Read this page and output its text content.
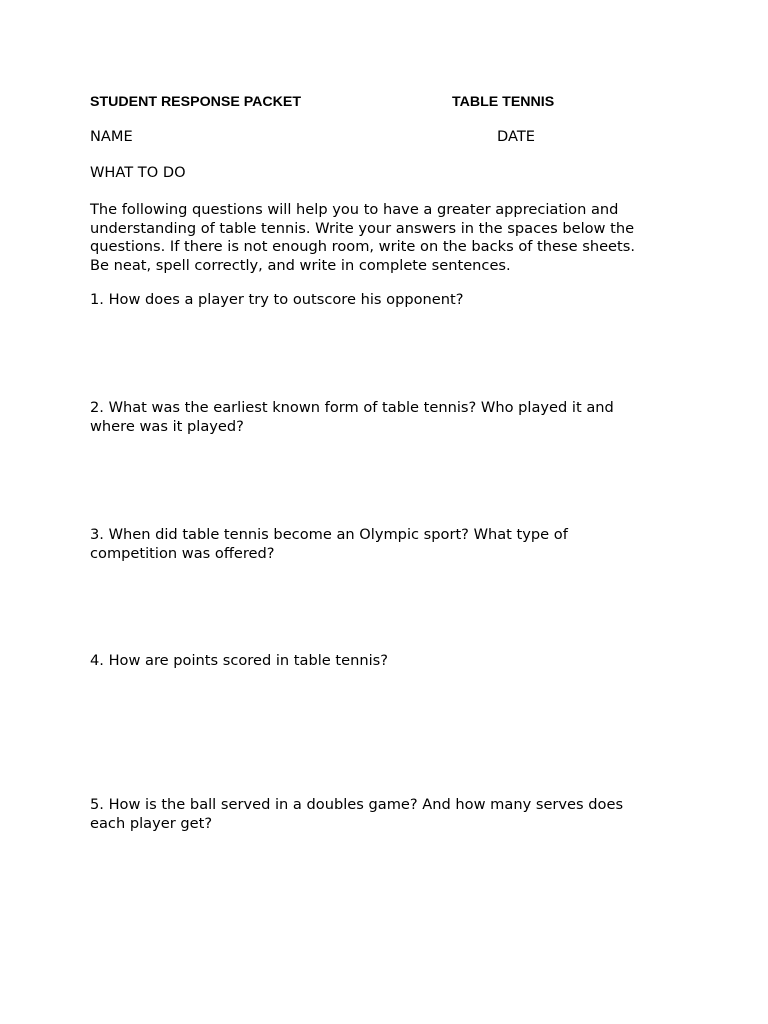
STUDENT RESPONSE PACKET	TABLE TENNIS
NAME	DATE
WHAT TO DO
The following questions will help you to have a greater appreciation and
understanding of table tennis. Write your answers in the spaces below the
questions. If there is not enough room, write on the backs of these sheets.
Be neat, spell correctly, and write in complete sentences.
1. How does a player try to outscore his opponent?
2. What was the earliest known form of table tennis? Who played it and
where was it played?
3. When did table tennis become an Olympic sport? What type of
competition was offered?
4. How are points scored in table tennis?
5. How is the ball served in a doubles game? And how many serves does
each player get?
